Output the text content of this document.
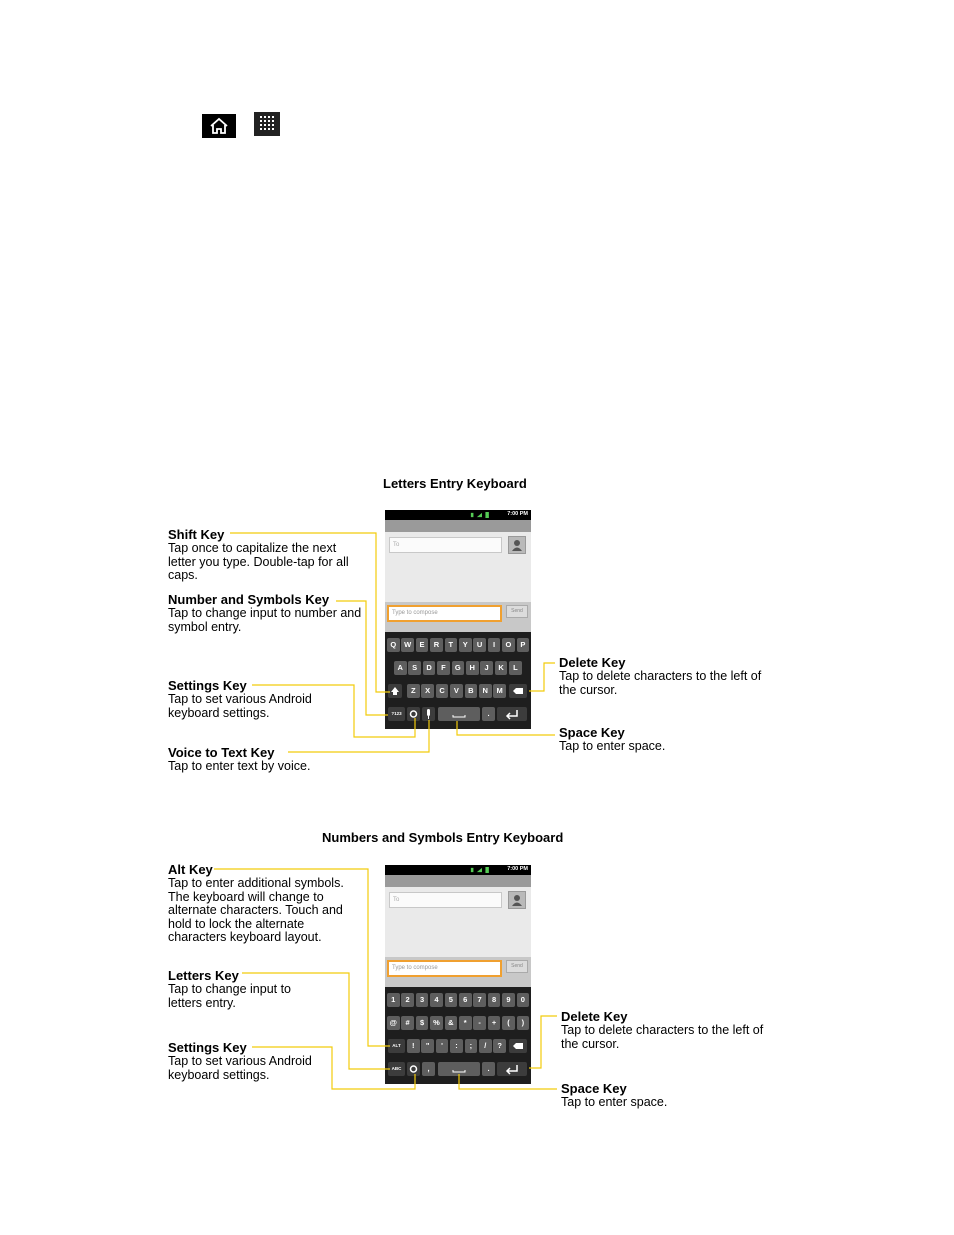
Letters Entry Keyboard
7:00 PM
To
Type to compose	Send
Q	W	E	R	T	Y	U	I	O	P
A	S	D	F	G	H	J	K	L
Z	X	C	V	B	N	M
?123	.
Shift Key
Tap once to capitalize the next letter you type. Double-tap for all caps.
Number and Symbols Key
Tap to change input to number and symbol entry.
Settings Key
Tap to set various Android keyboard settings.
Voice to Text Key
Tap to enter text by voice.
Delete Key
Tap to delete characters to the left of the cursor.
Space Key
Tap to enter space.
Numbers and Symbols Entry Keyboard
7:00 PM
To
Type to compose	Send
1	2	3	4	5	6	7	8	9	0
@	#	$	%	&	*	-	+	(	)
!	"	'	:	;	/	?
ALT
ABC	,	.
Alt Key
Tap to enter additional symbols. The keyboard will change to alternate characters. Touch and hold to lock the alternate characters keyboard layout.
Letters Key
Tap to change input to letters entry.
Settings Key
Tap to set various Android keyboard settings.
Delete Key
Tap to delete characters to the left of the cursor.
Space Key
Tap to enter space.
